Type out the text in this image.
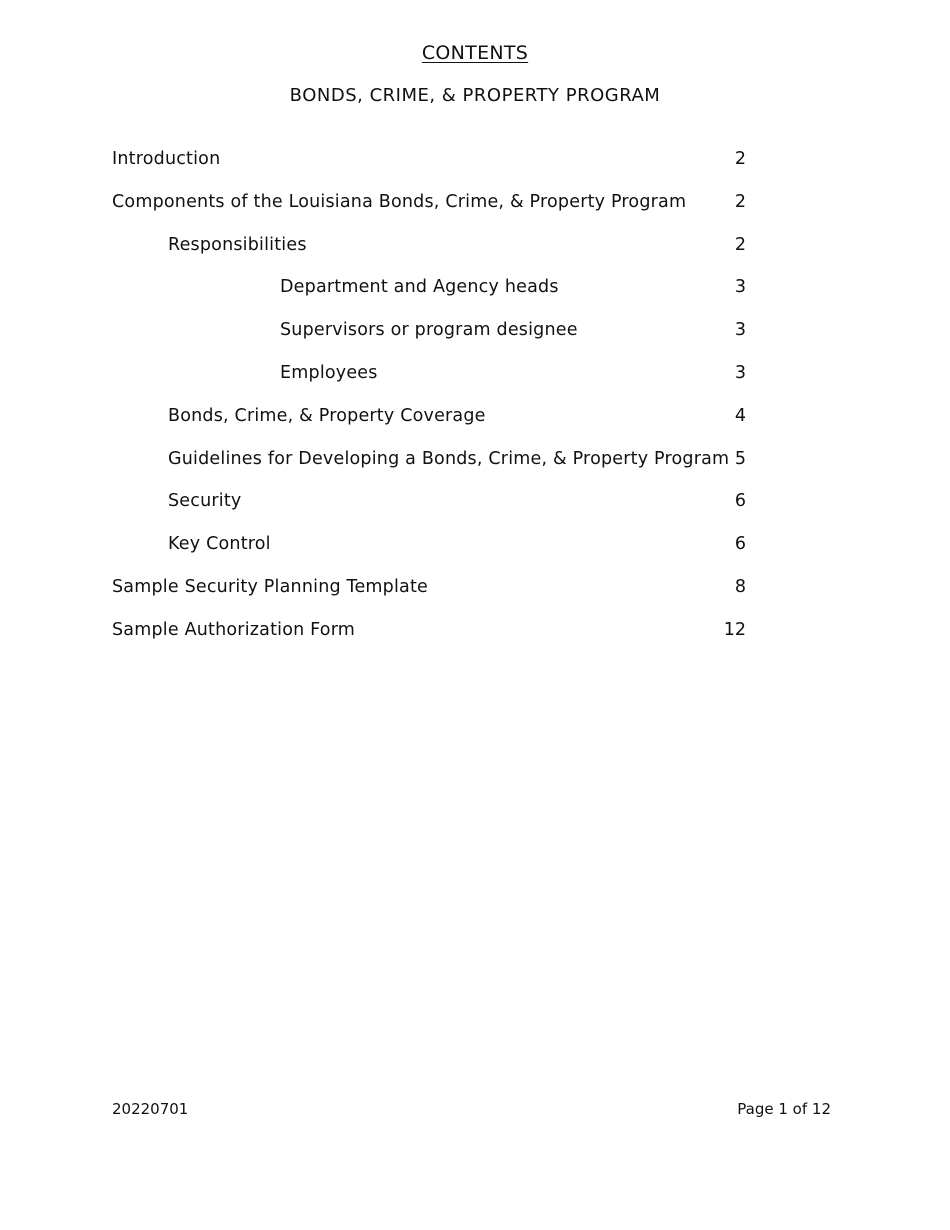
CONTENTS
BONDS, CRIME, & PROPERTY PROGRAM
Introduction	2
Components of the Louisiana Bonds, Crime, & Property Program	2
Responsibilities	2
Department and Agency heads	3
Supervisors or program designee	3
Employees	3
Bonds, Crime, & Property Coverage	4
Guidelines for Developing a Bonds, Crime, & Property Program 5
Security	6
Key Control	6
Sample Security Planning Template	8
Sample Authorization Form	12
20220701	Page 1 of 12
